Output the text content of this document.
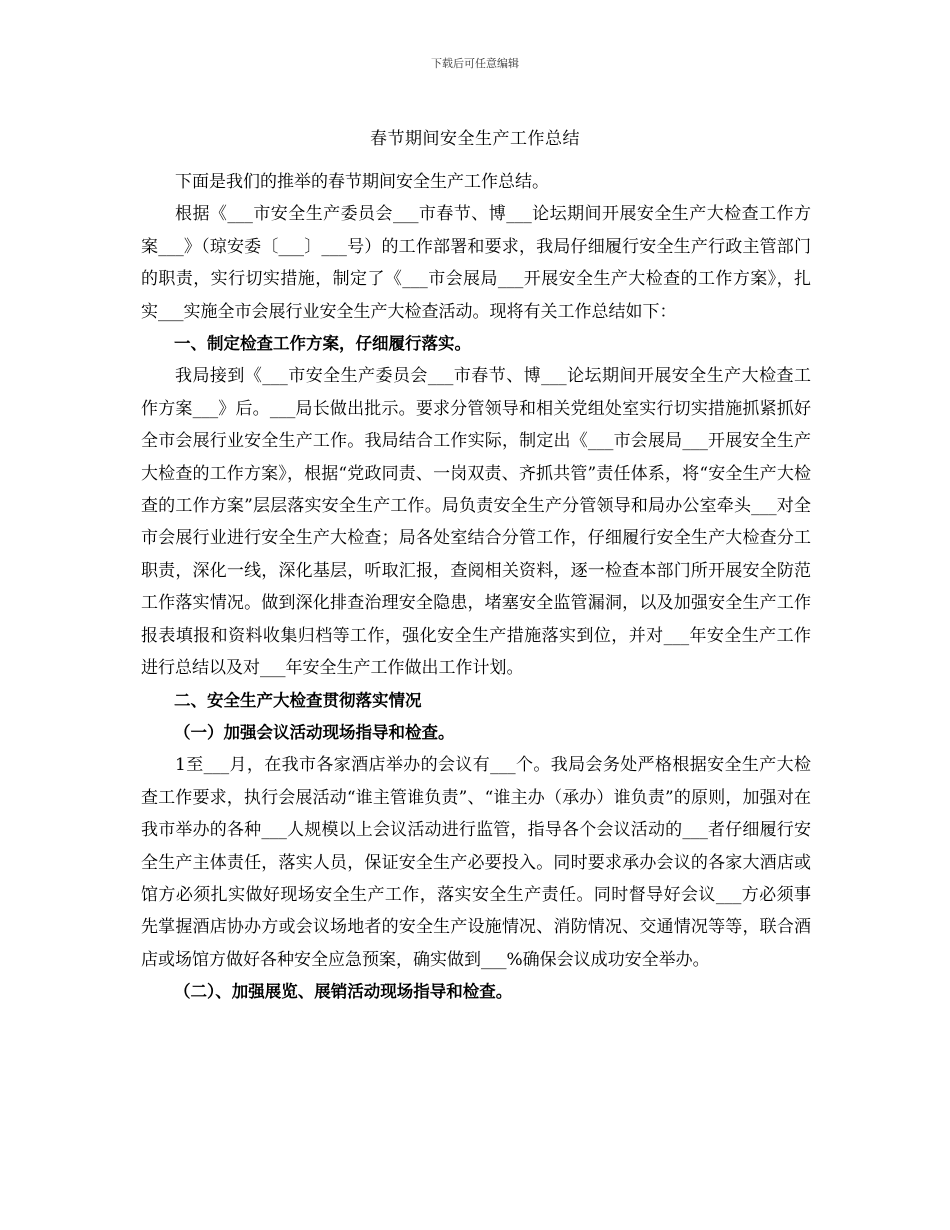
下载后可任意编辑
春节期间安全生产工作总结

下面是我们的推举的春节期间安全生产工作总结。

根据《___市安全生产委员会___市春节、博___论坛期间开展安全生产大检查工作方案___》（琼安委〔___〕___号）的工作部署和要求，我局仔细履行安全生产行政主管部门的职责，实行切实措施，制定了《___市会展局___开展安全生产大检查的工作方案》，扎实___实施全市会展行业安全生产大检查活动。现将有关工作总结如下：

一、制定检查工作方案，仔细履行落实。

我局接到《___市安全生产委员会___市春节、博___论坛期间开展安全生产大检查工作方案___》后。___局长做出批示。要求分管领导和相关党组处室实行切实措施抓紧抓好全市会展行业安全生产工作。我局结合工作实际，制定出《___市会展局___开展安全生产大检查的工作方案》，根据“党政同责、一岗双责、齐抓共管”责任体系，将“安全生产大检查的工作方案”层层落实安全生产工作。局负责安全生产分管领导和局办公室牵头___对全市会展行业进行安全生产大检查；局各处室结合分管工作，仔细履行安全生产大检查分工职责，深化一线，深化基层，听取汇报，查阅相关资料，逐一检查本部门所开展安全防范工作落实情况。做到深化排查治理安全隐患，堵塞安全监管漏洞，以及加强安全生产工作报表填报和资料收集归档等工作，强化安全生产措施落实到位，并对___年安全生产工作进行总结以及对___年安全生产工作做出工作计划。

二、安全生产大检查贯彻落实情况

（一）加强会议活动现场指导和检查。

1至___月，在我市各家酒店举办的会议有___个。我局会务处严格根据安全生产大检查工作要求，执行会展活动“谁主管谁负责”、“谁主办（承办）谁负责”的原则，加强对在我市举办的各种___人规模以上会议活动进行监管，指导各个会议活动的___者仔细履行安全生产主体责任，落实人员，保证安全生产必要投入。同时要求承办会议的各家大酒店或馆方必须扎实做好现场安全生产工作，落实安全生产责任。同时督导好会议___方必须事先掌握酒店协办方或会议场地者的安全生产设施情况、消防情况、交通情况等等，联合酒店或场馆方做好各种安全应急预案，确实做到___%确保会议成功安全举办。

（二）、加强展览、展销活动现场指导和检查。
